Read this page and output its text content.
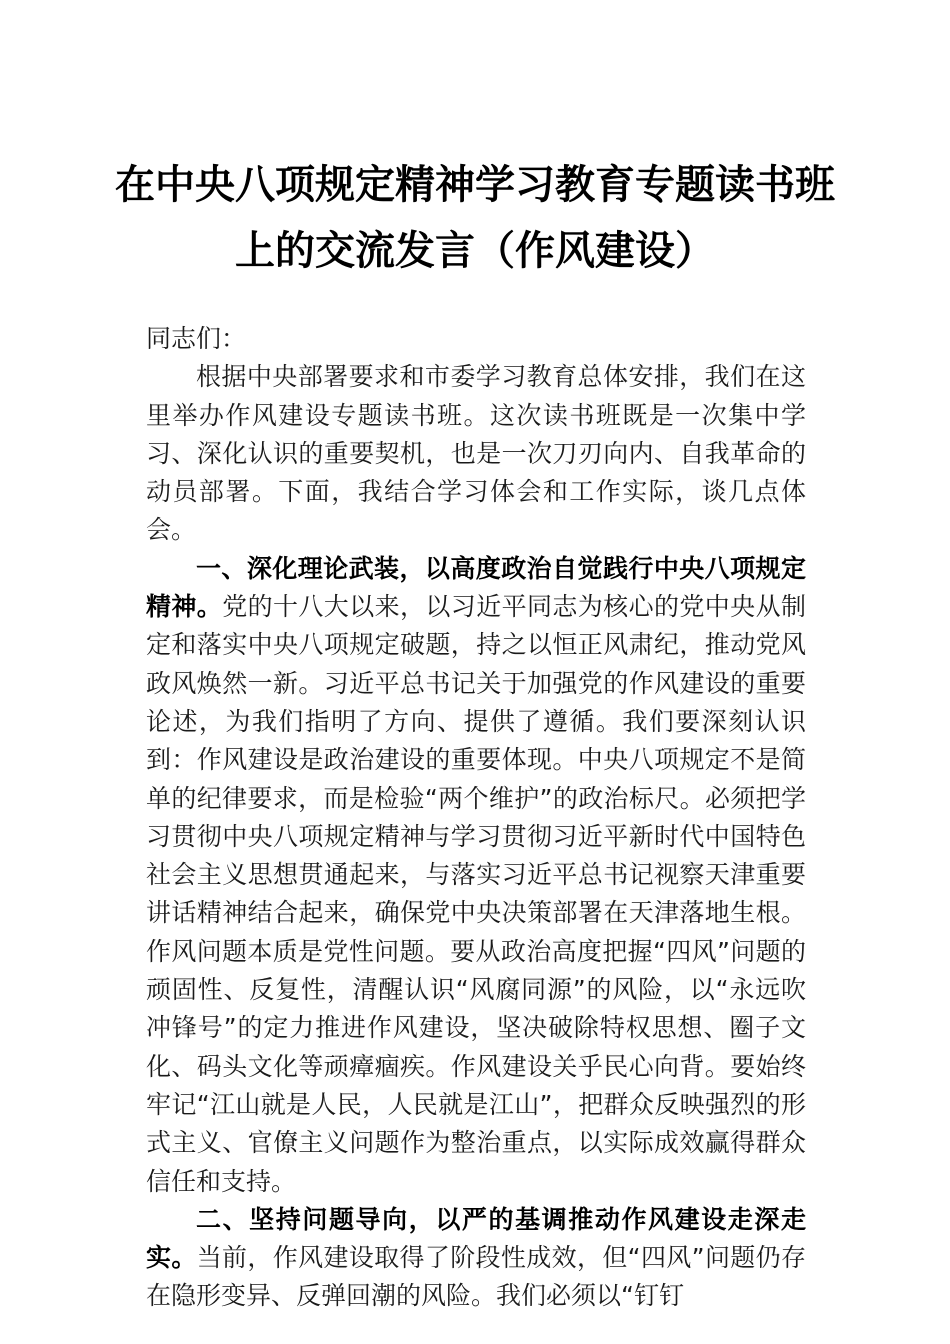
在中央八项规定精神学习教育专题读书班
上的交流发言（作风建设）

同志们：

根据中央部署要求和市委学习教育总体安排，我们在这里举办作风建设专题读书班。这次读书班既是一次集中学习、深化认识的重要契机，也是一次刀刃向内、自我革命的动员部署。下面，我结合学习体会和工作实际，谈几点体会。

一、深化理论武装，以高度政治自觉践行中央八项规定精神。党的十八大以来，以习近平同志为核心的党中央从制定和落实中央八项规定破题，持之以恒正风肃纪，推动党风政风焕然一新。习近平总书记关于加强党的作风建设的重要论述，为我们指明了方向、提供了遵循。我们要深刻认识到：作风建设是政治建设的重要体现。中央八项规定不是简单的纪律要求，而是检验“两个维护”的政治标尺。必须把学习贯彻中央八项规定精神与学习贯彻习近平新时代中国特色社会主义思想贯通起来，与落实习近平总书记视察天津重要讲话精神结合起来，确保党中央决策部署在天津落地生根。作风问题本质是党性问题。要从政治高度把握“四风”问题的顽固性、反复性，清醒认识“风腐同源”的风险，以“永远吹冲锋号”的定力推进作风建设，坚决破除特权思想、圈子文化、码头文化等顽瘴痼疾。作风建设关乎民心向背。要始终牢记“江山就是人民，人民就是江山”，把群众反映强烈的形式主义、官僚主义问题作为整治重点，以实际成效赢得群众信任和支持。

二、坚持问题导向，以严的基调推动作风建设走深走实。当前，作风建设取得了阶段性成效，但“四风”问题仍存在隐形变异、反弹回潮的风险。我们必须以“钉钉
